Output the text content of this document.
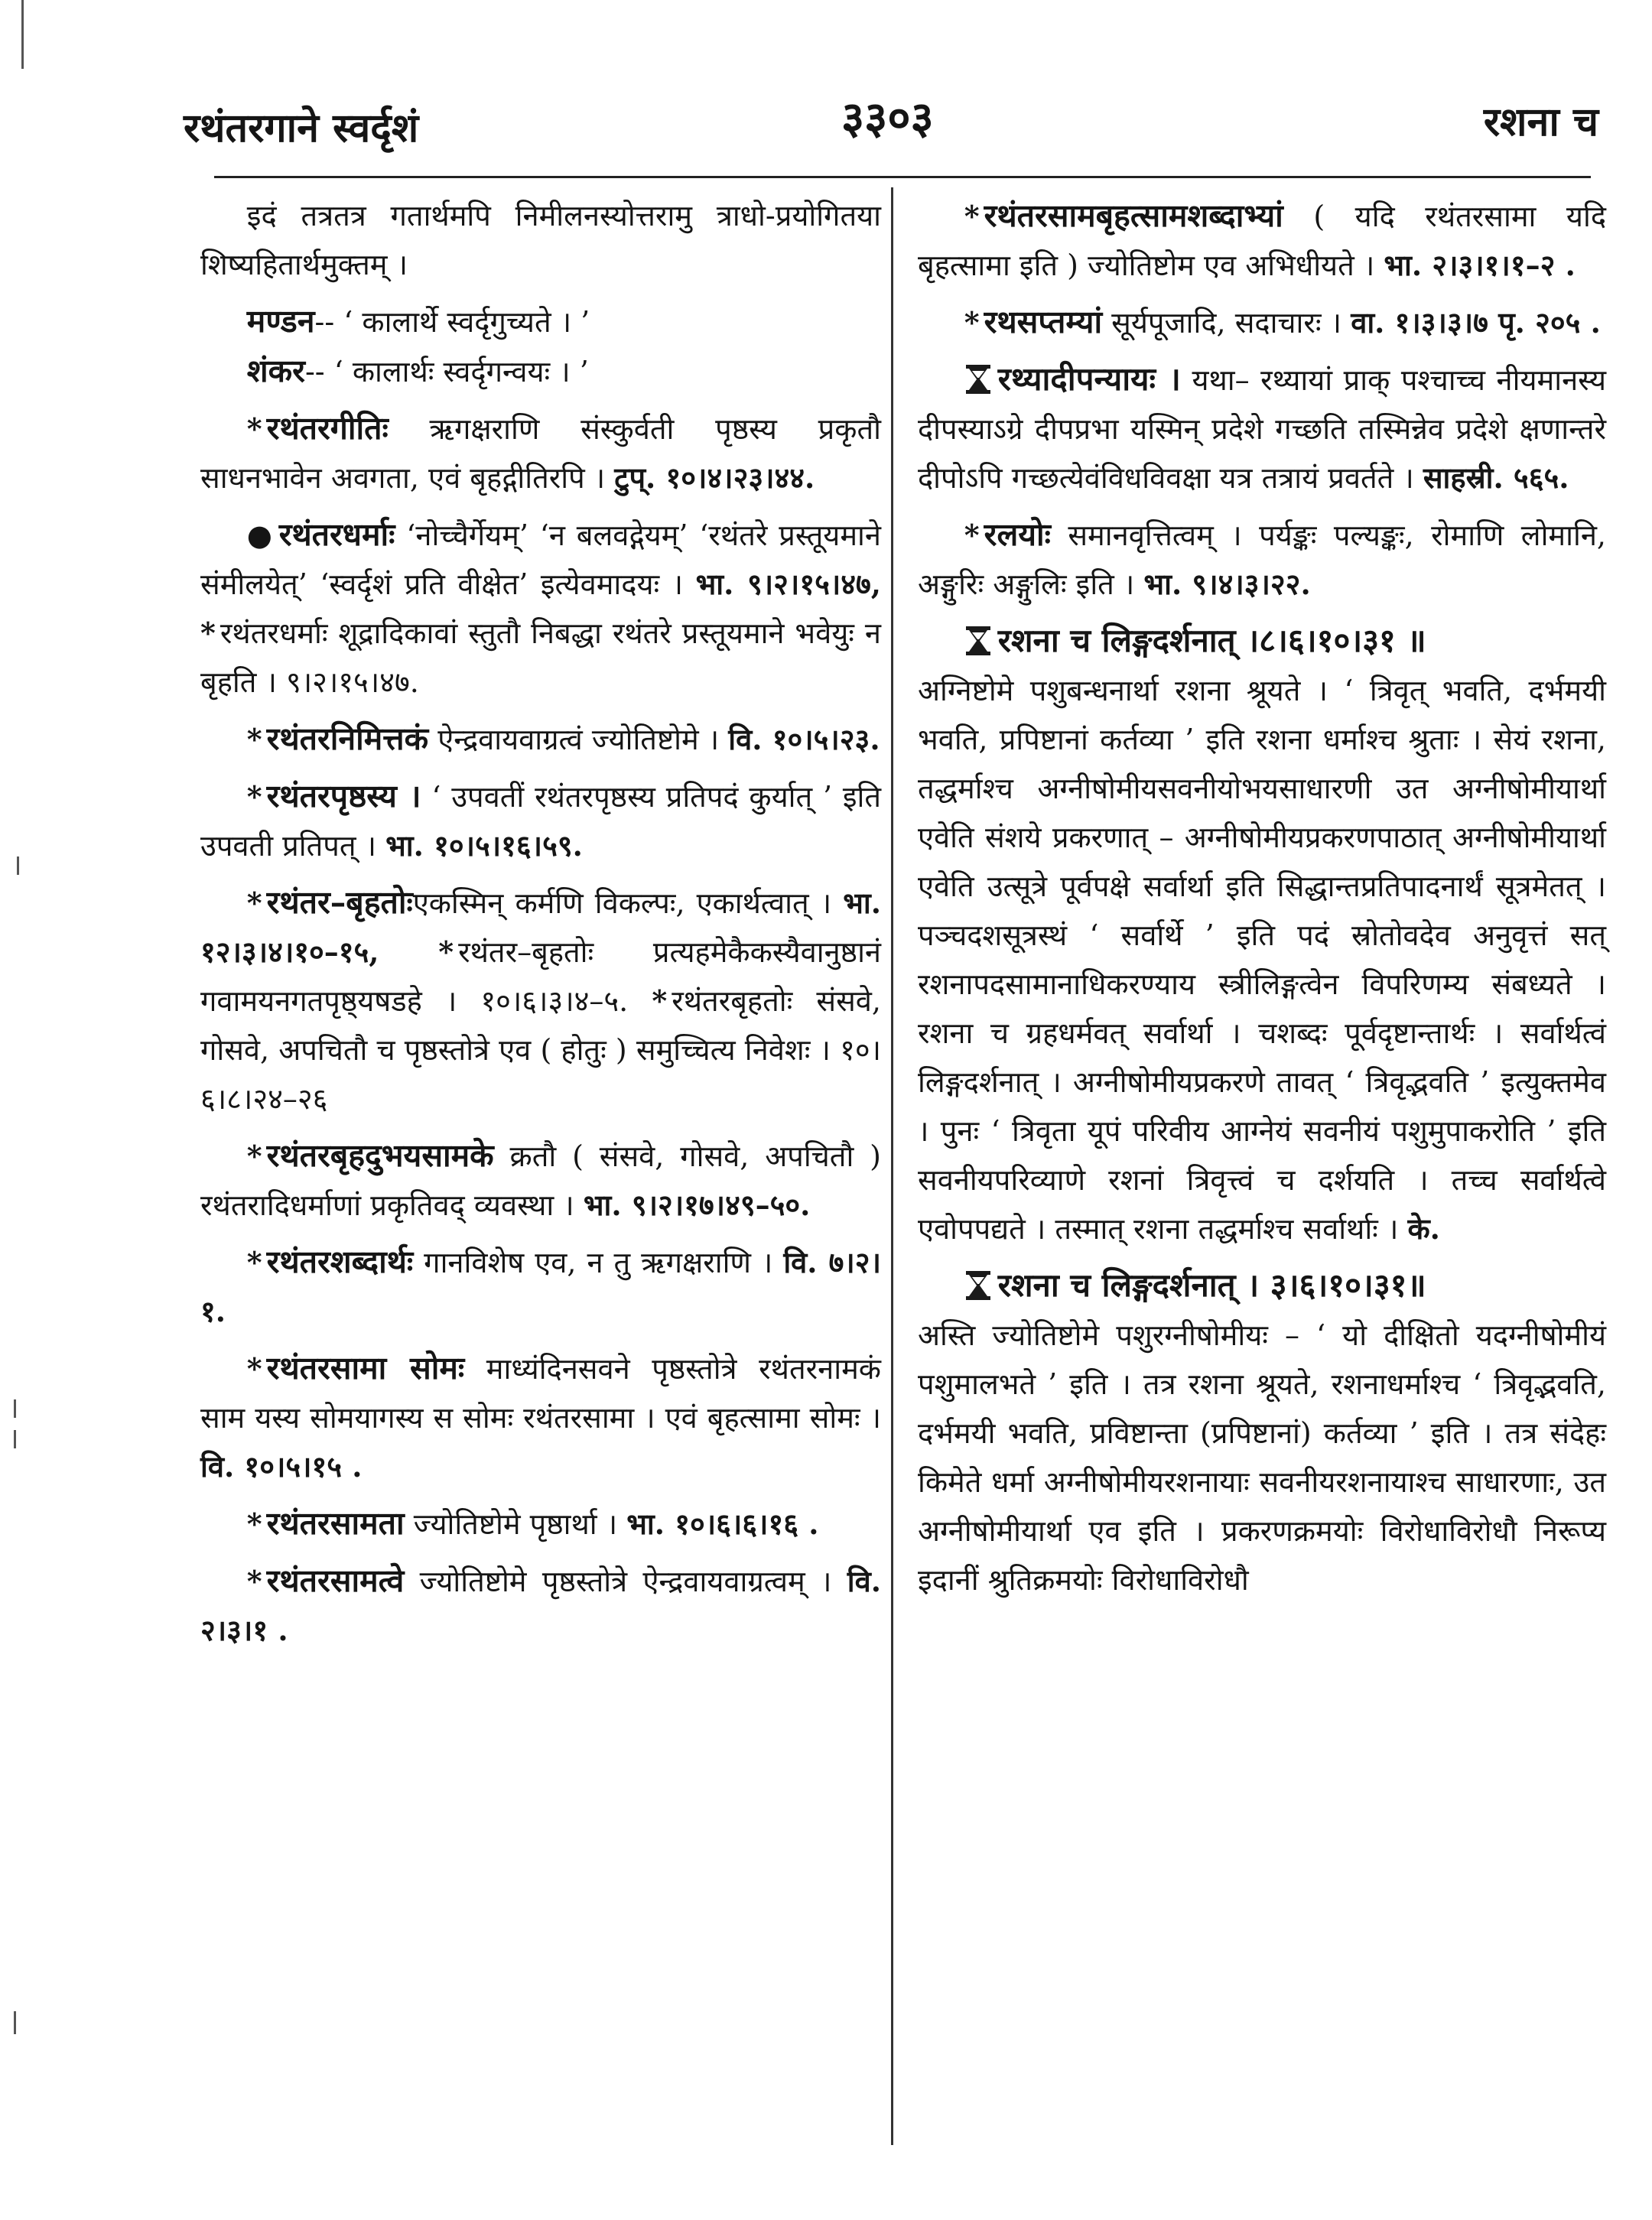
रथंतरगाने स्वर्दृशं	३३०३	रशना च

इदं तत्रतत्र गतार्थमपि निमीलनस्योत्तरामु त्राधो-प्रयोगितया शिष्यहितार्थमुक्तम् ।

मण्डन-- ‘ कालार्थे स्वर्दृगुच्यते । ’

शंकर-- ‘ कालार्थः स्वर्दृगन्वयः । ’

* रथंतरगीतिः ऋगक्षराणि संस्कुर्वती पृष्ठस्य प्रकृतौ साधनभावेन अवगता, एवं बृहद्गीतिरपि । टुप्. १०।४।२३।४४.

● रथंतरधर्माः ‘नोच्चैर्गेयम्’ ‘न बलवद्गेयम्’ ‘रथंतरे प्रस्तूयमाने संमीलयेत्’ ‘स्वर्दृशं प्रति वीक्षेत’ इत्येवमादयः । भा. ९।२।१५।४७, * रथंतरधर्माः शूद्रादिकावां स्तुतौ निबद्धा रथंतरे प्रस्तूयमाने भवेयुः न बृहति । ९।२।१५।४७.

* रथंतरनिमित्तकं ऐन्द्रवायवाग्रत्वं ज्योतिष्टोमे । वि. १०।५।२३.

* रथंतरपृष्ठस्य । ‘ उपवतीं रथंतरपृष्ठस्य प्रतिपदं कुर्यात् ’ इति उपवती प्रतिपत् । भा. १०।५।१६।५९.

* रथंतर–बृहतोःएकस्मिन् कर्मणि विकल्पः, एकार्थत्वात् । भा. १२।३।४।१०–१५, * रथंतर–बृहतोः प्रत्यहमेकैकस्यैवानुष्ठानं गवामयनगतपृष्ठ्यषडहे । १०।६।३।४–५. * रथंतरबृहतोः संसवे, गोसवे, अपचितौ च पृष्ठस्तोत्रे एव ( होतुः ) समुच्चित्य निवेशः । १०।६।८।२४–२६

* रथंतरबृहदुभयसामके क्रतौ ( संसवे, गोसवे, अपचितौ ) रथंतरादिधर्माणां प्रकृतिवद् व्यवस्था । भा. ९।२।१७।४९–५०.

* रथंतरशब्दार्थः गानविशेष एव, न तु ऋगक्षराणि । वि. ७।२।१.

* रथंतरसामा सोमः माध्यंदिनसवने पृष्ठस्तोत्रे रथंतरनामकं साम यस्य सोमयागस्य स सोमः रथंतरसामा । एवं बृहत्सामा सोमः । वि. १०।५।१५ .

* रथंतरसामता ज्योतिष्टोमे पृष्ठार्था । भा. १०।६।६।१६ .

* रथंतरसामत्वे ज्योतिष्टोमे पृष्ठस्तोत्रे ऐन्द्रवायवाग्रत्वम् । वि. २।३।१ .

* रथंतरसामबृहत्सामशब्दाभ्यां ( यदि रथंतरसामा यदि बृहत्सामा इति ) ज्योतिष्टोम एव अभिधीयते । भा. २।३।१।१–२ .

* रथसप्तम्यां सूर्यपूजादि, सदाचारः । वा. १।३।३।७ पृ. २०५ .

रथ्यादीपन्यायः । यथा– रथ्यायां प्राक् पश्चाच्च नीयमानस्य दीपस्याऽग्रे दीपप्रभा यस्मिन् प्रदेशे गच्छति तस्मिन्नेव प्रदेशे क्षणान्तरे दीपोऽपि गच्छत्येवंविधविवक्षा यत्र तत्रायं प्रवर्तते । साहस्री. ५६५.

* रलयोः समानवृत्तित्वम् । पर्यङ्कः पल्यङ्कः, रोमाणि लोमानि, अङ्गुरिः अङ्गुलिः इति । भा. ९।४।३।२२.

रशना च लिङ्गदर्शनात् ।८।६।१०।३१ ॥
अग्निष्टोमे पशुबन्धनार्था रशना श्रूयते । ‘ त्रिवृत् भवति, दर्भमयी भवति, प्रपिष्टानां कर्तव्या ’ इति रशना धर्माश्च श्रुताः । सेयं रशना, तद्धर्माश्च अग्नीषोमीयसवनीयोभयसाधारणी उत अग्नीषोमीयार्था एवेति संशये प्रकरणात् – अग्नीषोमीयप्रकरणपाठात् अग्नीषोमीयार्था एवेति उत्सूत्रे पूर्वपक्षे सर्वार्था इति सिद्धान्तप्रतिपादनार्थं सूत्रमेतत् । पञ्चदशसूत्रस्थं ‘ सर्वार्थे ’ इति पदं स्रोतोवदेव अनुवृत्तं सत् रशनापदसामानाधिकरण्याय स्त्रीलिङ्गत्वेन विपरिणम्य संबध्यते । रशना च ग्रहधर्मवत् सर्वार्था । चशब्दः पूर्वदृष्टान्तार्थः । सर्वार्थत्वं लिङ्गदर्शनात् । अग्नीषोमीयप्रकरणे तावत् ‘ त्रिवृद्भवति ’ इत्युक्तमेव । पुनः ‘ त्रिवृता यूपं परिवीय आग्नेयं सवनीयं पशुमुपाकरोति ’ इति सवनीयपरिव्याणे रशनां त्रिवृत्त्वं च दर्शयति । तच्च सर्वार्थत्वे एवोपपद्यते । तस्मात् रशना तद्धर्माश्च सर्वार्थाः । के.

रशना च लिङ्गदर्शनात् । ३।६।१०।३१॥
अस्ति ज्योतिष्टोमे पशुरग्नीषोमीयः – ‘ यो दीक्षितो यदग्नीषोमीयं पशुमालभते ’ इति । तत्र रशना श्रूयते, रशनाधर्माश्च ‘ त्रिवृद्भवति, दर्भमयी भवति, प्रविष्टान्ता (प्रपिष्टानां) कर्तव्या ’ इति । तत्र संदेहः किमेते धर्मा अग्नीषोमीयरशनायाः सवनीयरशनायाश्च साधारणाः, उत अग्नीषोमीयार्था एव इति । प्रकरणक्रमयोः विरोधाविरोधौ निरूप्य इदानीं श्रुतिक्रमयोः विरोधाविरोधौ
